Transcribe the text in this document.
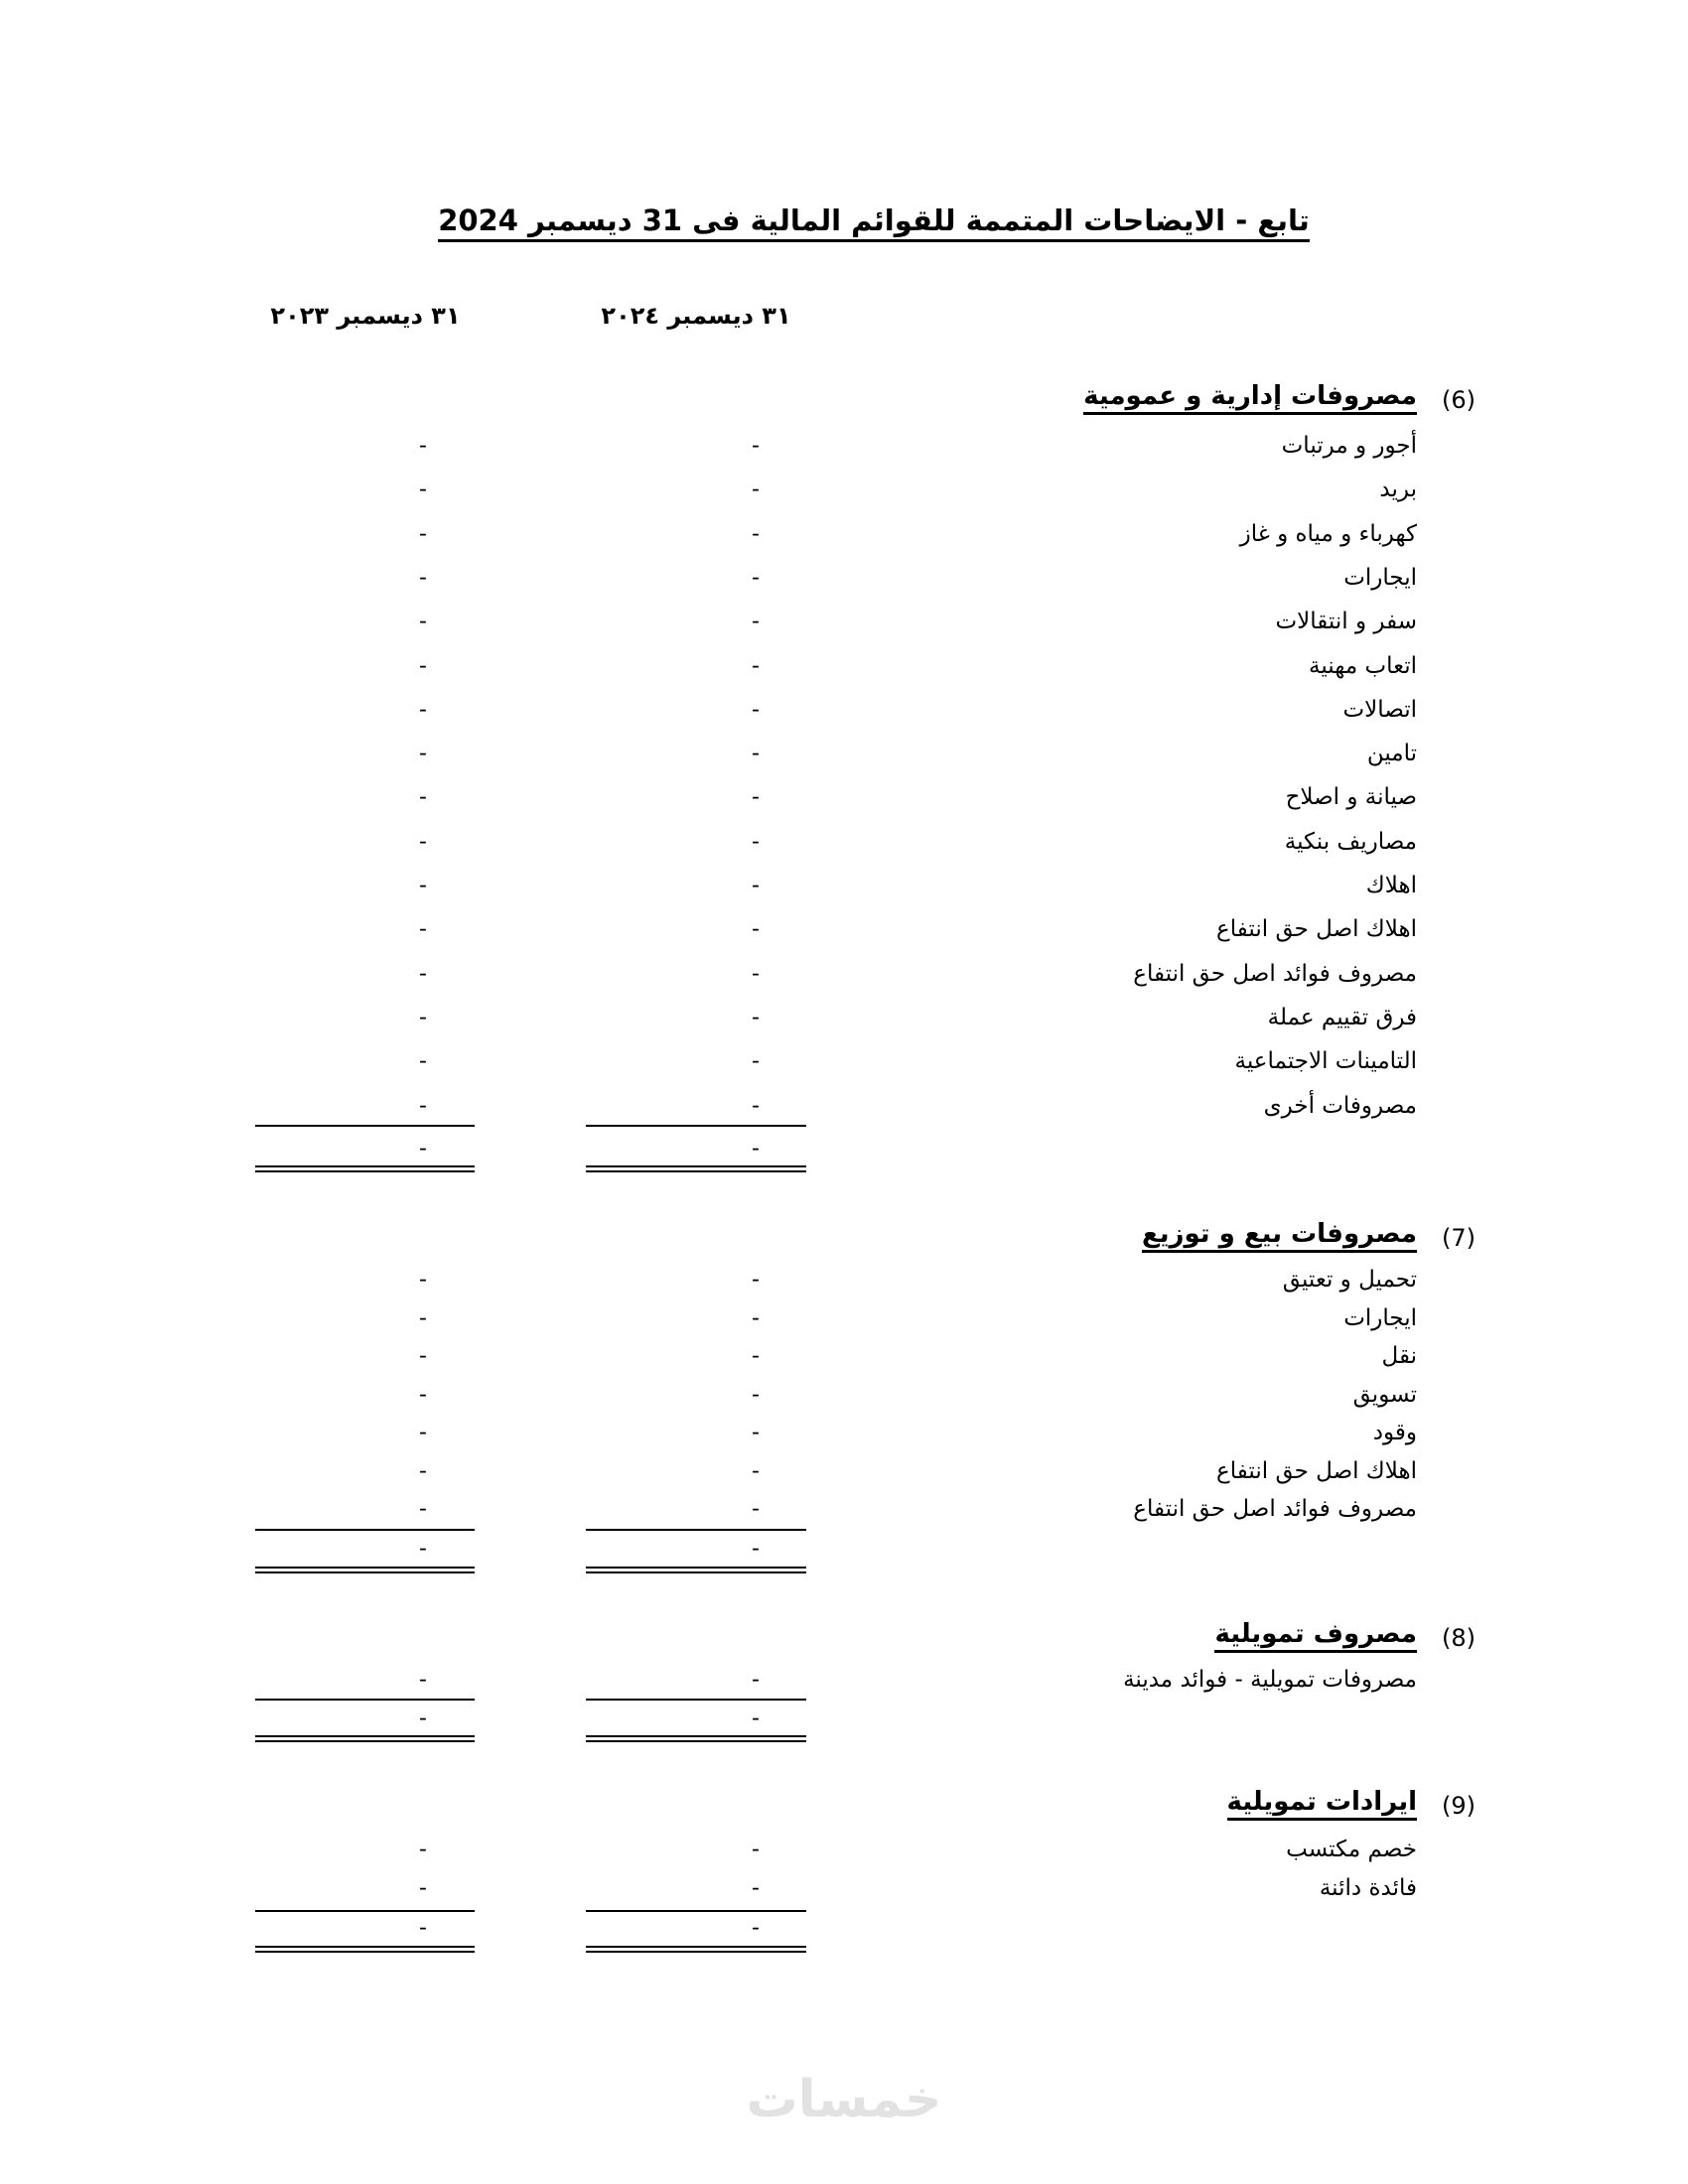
تابع - الايضاحات المتممة للقوائم المالية فى 31 ديسمبر 2024
٣١ ديسمبر ٢٠٢٤
٣١ ديسمبر ٢٠٢٣
(6)
مصروفات إدارية و عمومية
أجور و مرتبات
-
-
بريد
-
-
كهرباء و مياه و غاز
-
-
ايجارات
-
-
سفر و انتقالات
-
-
اتعاب مهنية
-
-
اتصالات
-
-
تامين
-
-
صيانة و اصلاح
-
-
مصاريف بنكية
-
-
اهلاك
-
-
اهلاك اصل حق انتفاع
-
-
مصروف فوائد اصل حق انتفاع
-
-
فرق تقييم عملة
-
-
التامينات الاجتماعية
-
-
مصروفات أخرى
-
-
-
-
(7)
مصروفات بيع و توزيع
تحميل و تعتيق
-
-
ايجارات
-
-
نقل
-
-
تسويق
-
-
وقود
-
-
اهلاك اصل حق انتفاع
-
-
مصروف فوائد اصل حق انتفاع
-
-
-
-
(8)
مصروف تمويلية
مصروفات تمويلية - فوائد مدينة
-
-
-
-
(9)
ايرادات تمويلية
خصم مكتسب
-
-
فائدة دائنة
-
-
-
-
خمسات
